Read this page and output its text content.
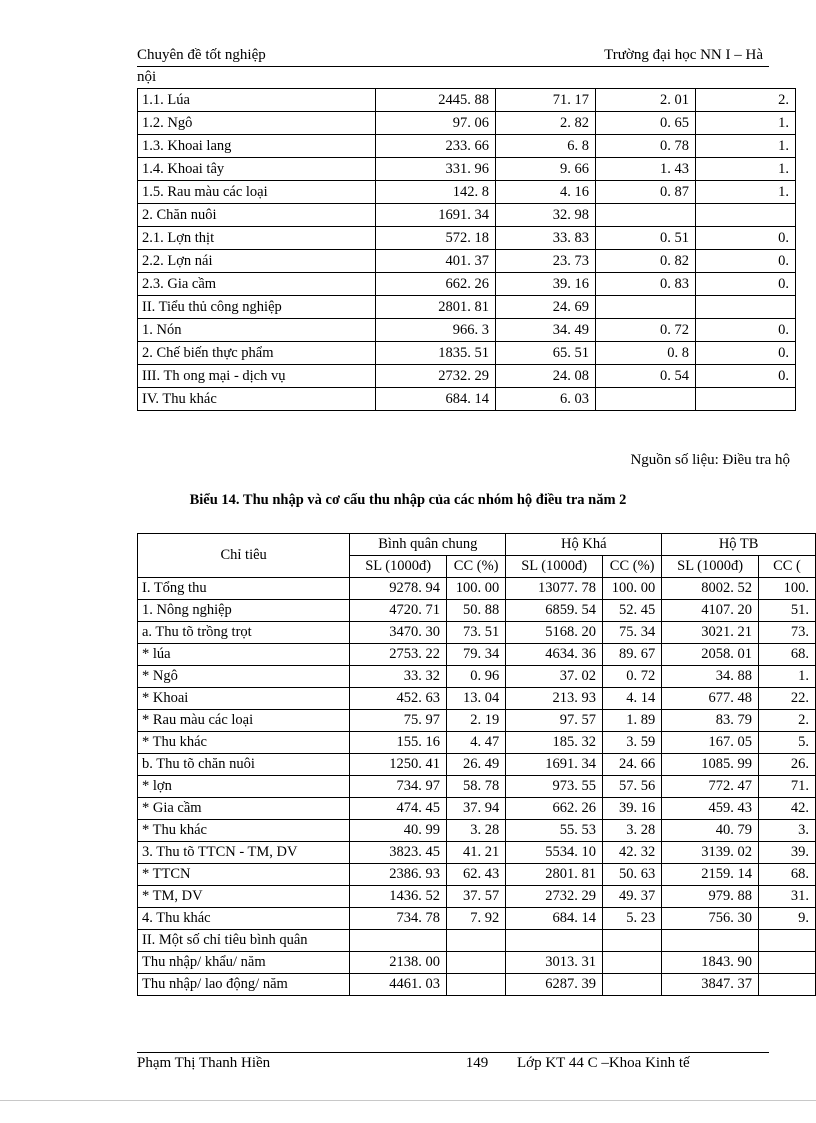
Chuyên đề tốt nghiệp	Trường đại học NN I – Hà
nội
1.1. Lúa	2445. 88	71. 17	2. 01	2.
1.2. Ngô	97. 06	2. 82	0. 65	1.
1.3. Khoai lang	233. 66	6. 8	0. 78	1.
1.4. Khoai tây	331. 96	9. 66	1. 43	1.
1.5. Rau màu các loại	142. 8	4. 16	0. 87	1.
2. Chăn nuôi	1691. 34	32. 98		
2.1. Lợn thịt	572. 18	33. 83	0. 51	0.
2.2. Lợn nái	401. 37	23. 73	0. 82	0.
2.3. Gia cầm	662. 26	39. 16	0. 83	0.
II. Tiểu thủ công nghiệp	2801. 81	24. 69		
1. Nón	966. 3	34. 49	0. 72	0.
2. Chế biến thực phẩm	1835. 51	65. 51	0. 8	0.
III. Th ong mại - dịch vụ	2732. 29	24. 08	0. 54	0.
IV. Thu khác	684. 14	6. 03		
Nguồn số liệu: Điều tra hộ
Biểu 14. Thu nhập và cơ cấu thu nhập của các nhóm hộ điều tra năm 2
Chỉ tiêu	Bình quân chung		Hộ Khá		Hộ TB	
	SL (1000đ)	CC (%)	SL (1000đ)	CC (%)	SL (1000đ)	CC (
I. Tổng thu	9278. 94	100. 00	13077. 78	100. 00	8002. 52	100.
1. Nông nghiệp	4720. 71	50. 88	6859. 54	52. 45	4107. 20	51.
a. Thu tõ trồng trọt	3470. 30	73. 51	5168. 20	75. 34	3021. 21	73.
* lúa	2753. 22	79. 34	4634. 36	89. 67	2058. 01	68.
* Ngô	33. 32	0. 96	37. 02	0. 72	34. 88	1.
* Khoai	452. 63	13. 04	213. 93	4. 14	677. 48	22.
* Rau màu các loại	75. 97	2. 19	97. 57	1. 89	83. 79	2.
* Thu khác	155. 16	4. 47	185. 32	3. 59	167. 05	5.
b. Thu tõ chăn nuôi	1250. 41	26. 49	1691. 34	24. 66	1085. 99	26.
* lợn	734. 97	58. 78	973. 55	57. 56	772. 47	71.
* Gia cầm	474. 45	37. 94	662. 26	39. 16	459. 43	42.
* Thu khác	40. 99	3. 28	55. 53	3. 28	40. 79	3.
3. Thu tõ TTCN - TM, DV	3823. 45	41. 21	5534. 10	42. 32	3139. 02	39.
* TTCN	2386. 93	62. 43	2801. 81	50. 63	2159. 14	68.
* TM, DV	1436. 52	37. 57	2732. 29	49. 37	979. 88	31.
4. Thu khác	734. 78	7. 92	684. 14	5. 23	756. 30	9.
II. Một số chỉ tiêu bình quân						
Thu nhập/ khẩu/ năm	2138. 00		3013. 31		1843. 90	
Thu nhập/ lao động/ năm	4461. 03		6287. 39		3847. 37	
Phạm Thị Thanh Hiền	149	Lớp KT 44 C –Khoa Kinh tế
